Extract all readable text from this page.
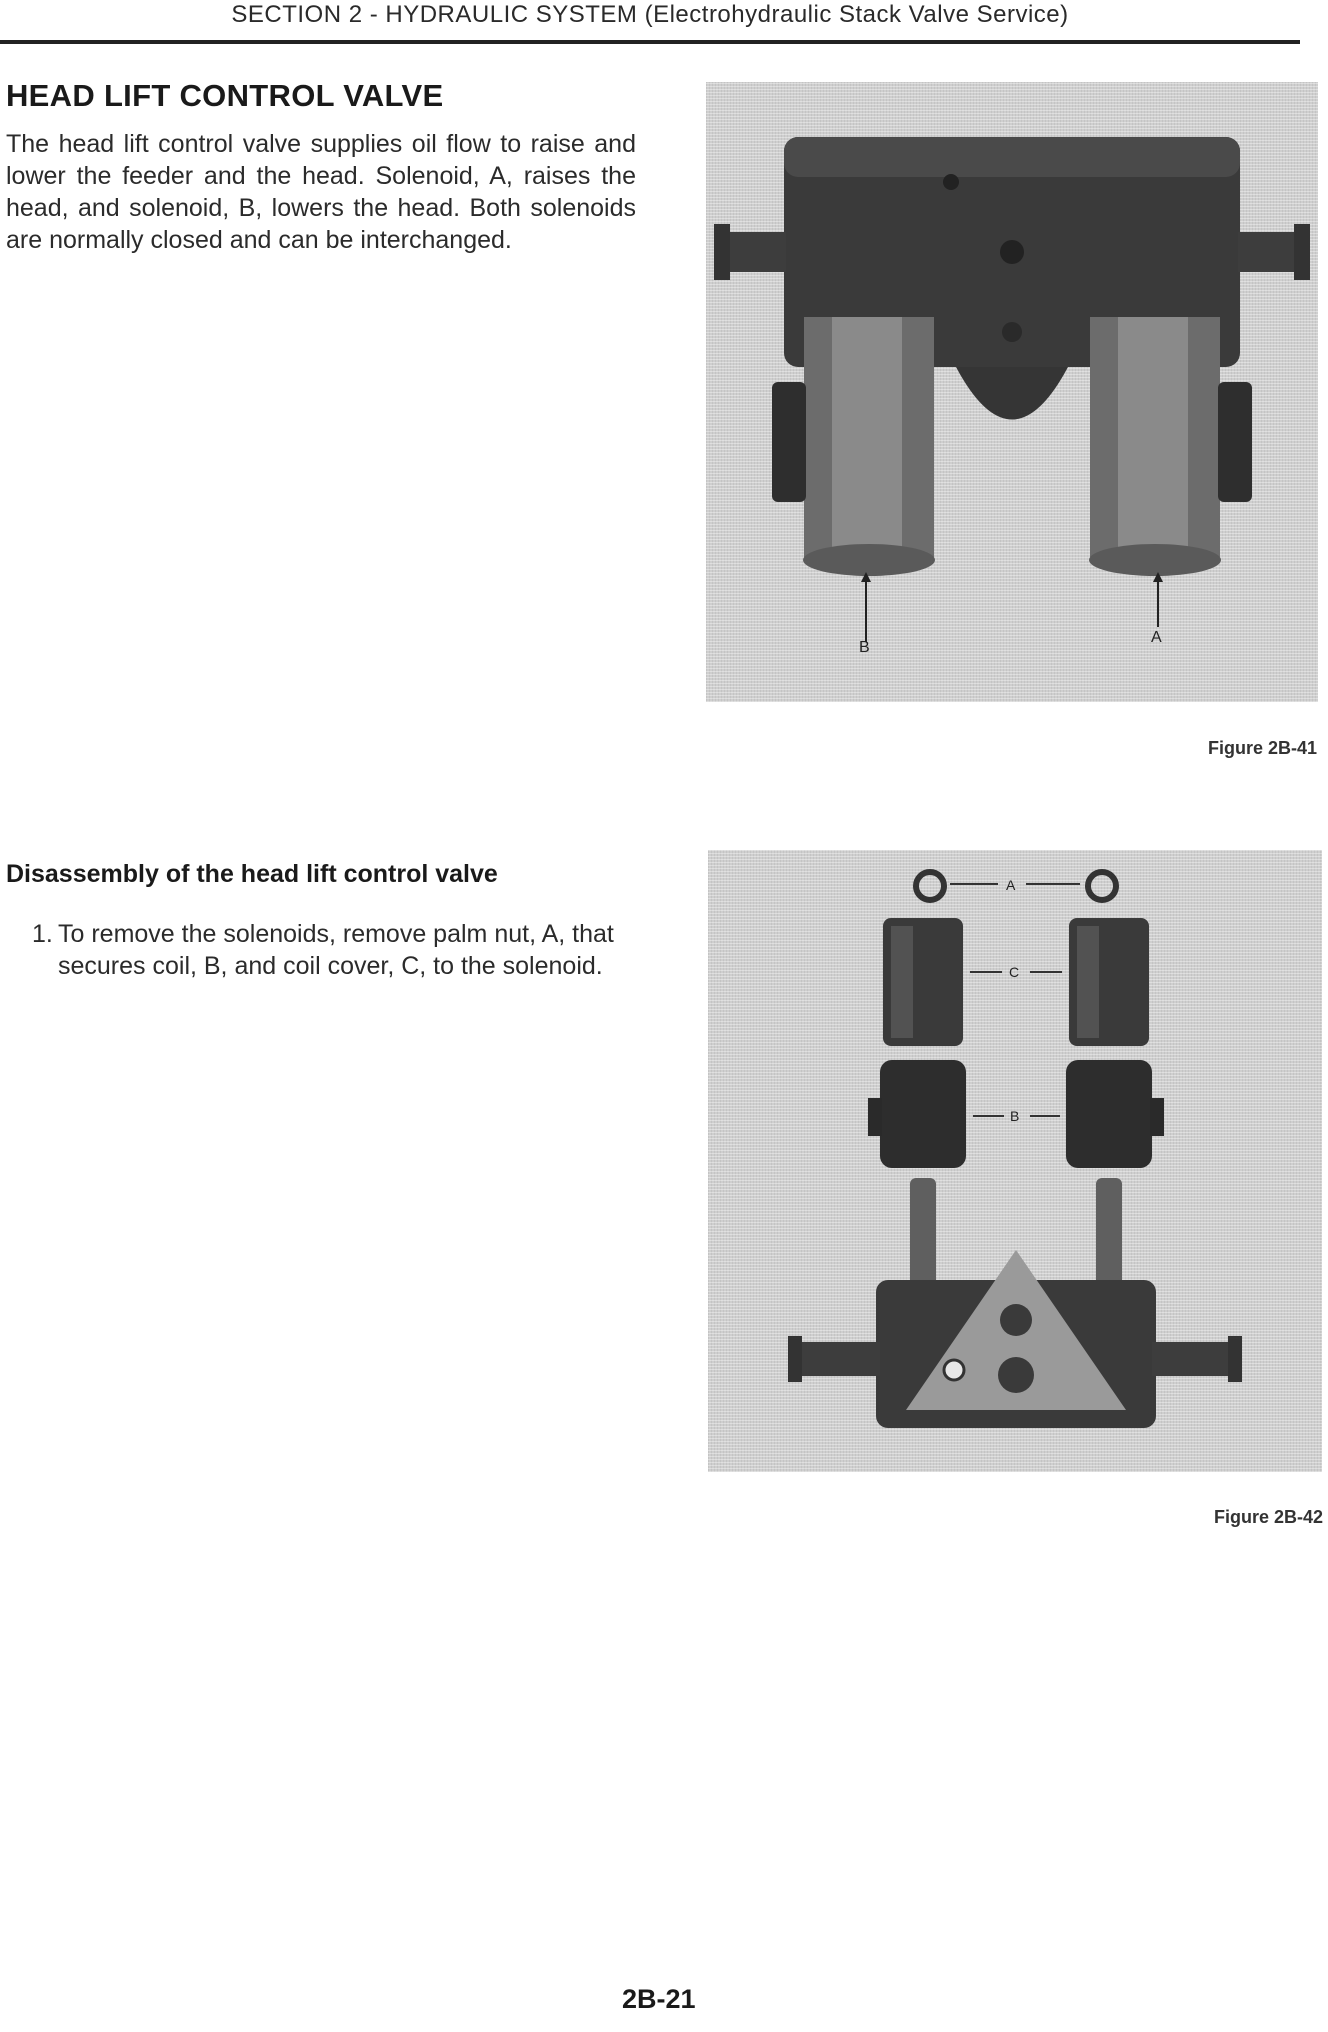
SECTION 2 - HYDRAULIC SYSTEM (Electrohydraulic Stack Valve Service)
HEAD LIFT CONTROL VALVE
The head lift control valve supplies oil flow to raise and lower the feeder and the head. Solenoid, A, raises the head, and solenoid, B, lowers the head. Both solenoids are normally closed and can be interchanged.
B
A
Figure 2B-41
Disassembly of the head lift control valve
1. To remove the solenoids, remove palm nut, A, that secures coil, B, and coil cover, C, to the solenoid.
A
C
B
Figure 2B-42
2B-21
